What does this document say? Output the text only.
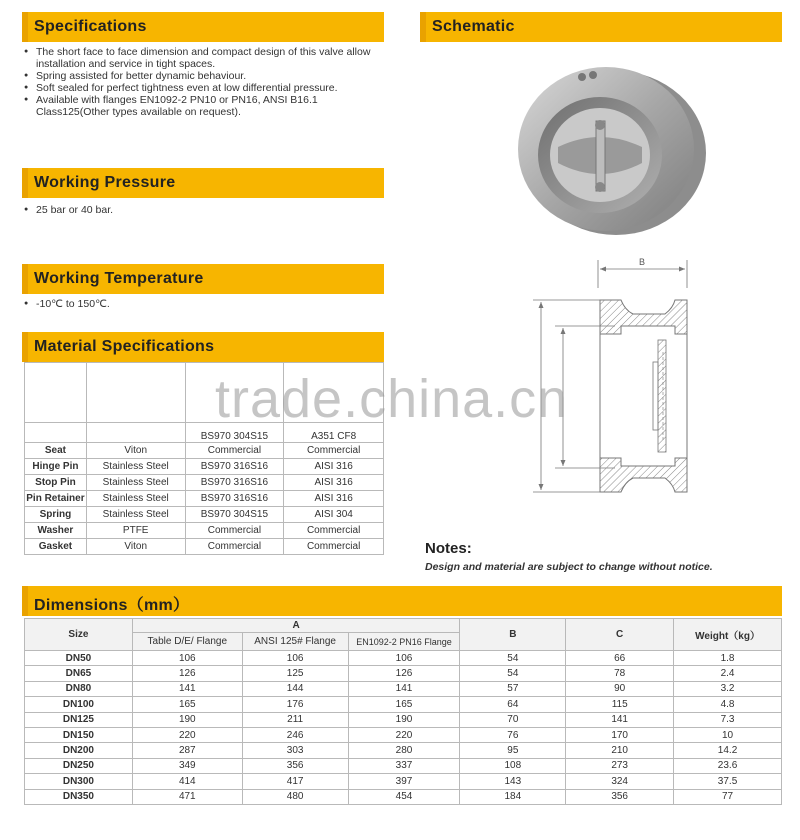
Specifications
● The short face to face dimension and compact design of this valve allow installation and service in tight spaces.
● Spring assisted for better dynamic behaviour.
● Soft sealed for perfect tightness even at low differential pressure.
● Available with flanges EN1092-2 PN10 or PN16, ANSI B16.1 Class125(Other types available on request).
Schematic
Working Pressure
● 25 bar or 40 bar.
Working Temperature
● -10℃ to 150℃.
Material Specifications

		BS970 304S15	A351 CF8
Seat	Viton	Commercial	Commercial
Hinge Pin	Stainless Steel	BS970 316S16	AISI 316
Stop Pin	Stainless Steel	BS970 316S16	AISI 316
Pin Retainer	Stainless Steel	BS970 316S16	AISI 316
Spring	Stainless Steel	BS970 304S15	AISI 304
Washer	PTFE	Commercial	Commercial
Gasket	Viton	Commercial	Commercial
B
Notes:
Design and material are subject to change without notice.
Dimensions（mm）
Size	A			B	C	Weight（kg）
	Table D/E/ Flange	ANSI 125# Flange	EN1092-2 PN16 Flange			
DN50	106	106	106	54	66	1.8
DN65	126	125	126	54	78	2.4
DN80	141	144	141	57	90	3.2
DN100	165	176	165	64	115	4.8
DN125	190	211	190	70	141	7.3
DN150	220	246	220	76	170	10
DN200	287	303	280	95	210	14.2
DN250	349	356	337	108	273	23.6
DN300	414	417	397	143	324	37.5
DN350	471	480	454	184	356	77
trade.china.cn
